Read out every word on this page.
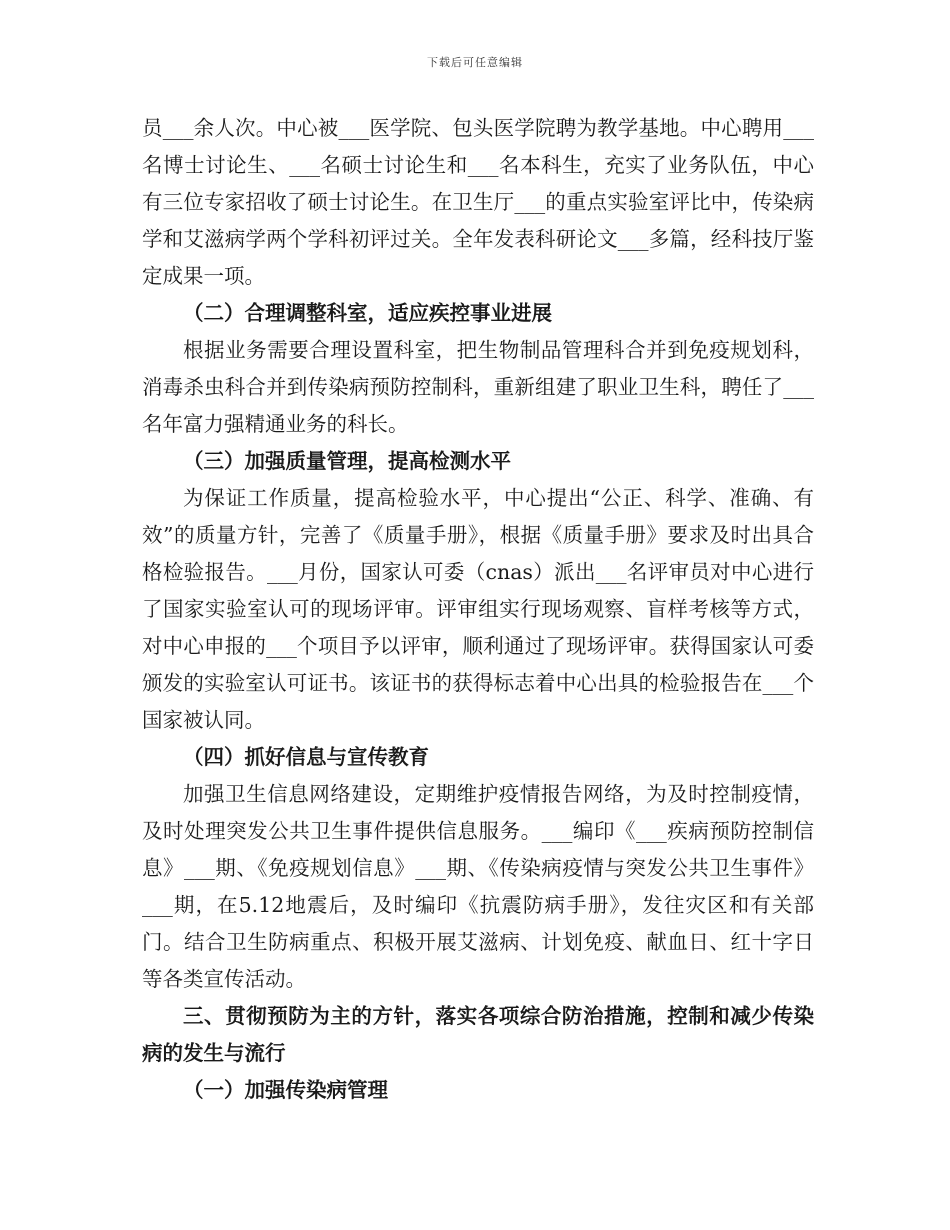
下载后可任意编辑

员___余人次。中心被___医学院、包头医学院聘为教学基地。中心聘用___名博士讨论生、___名硕士讨论生和___名本科生，充实了业务队伍，中心有三位专家招收了硕士讨论生。在卫生厅___的重点实验室评比中，传染病学和艾滋病学两个学科初评过关。全年发表科研论文___多篇，经科技厅鉴定成果一项。

（二）合理调整科室，适应疾控事业进展

根据业务需要合理设置科室，把生物制品管理科合并到免疫规划科，消毒杀虫科合并到传染病预防控制科，重新组建了职业卫生科，聘任了___名年富力强精通业务的科长。

（三）加强质量管理，提高检测水平

为保证工作质量，提高检验水平，中心提出“公正、科学、准确、有效”的质量方针，完善了《质量手册》，根据《质量手册》要求及时出具合格检验报告。___月份，国家认可委（cnas）派出___名评审员对中心进行了国家实验室认可的现场评审。评审组实行现场观察、盲样考核等方式，对中心申报的___个项目予以评审，顺利通过了现场评审。获得国家认可委颁发的实验室认可证书。该证书的获得标志着中心出具的检验报告在___个国家被认同。

（四）抓好信息与宣传教育

加强卫生信息网络建设，定期维护疫情报告网络，为及时控制疫情，及时处理突发公共卫生事件提供信息服务。___编印《___疾病预防控制信息》___期、《免疫规划信息》___期、《传染病疫情与突发公共卫生事件》___期，在5.12地震后，及时编印《抗震防病手册》，发往灾区和有关部门。结合卫生防病重点、积极开展艾滋病、计划免疫、献血日、红十字日等各类宣传活动。

三、贯彻预防为主的方针，落实各项综合防治措施，控制和减少传染病的发生与流行

（一）加强传染病管理
